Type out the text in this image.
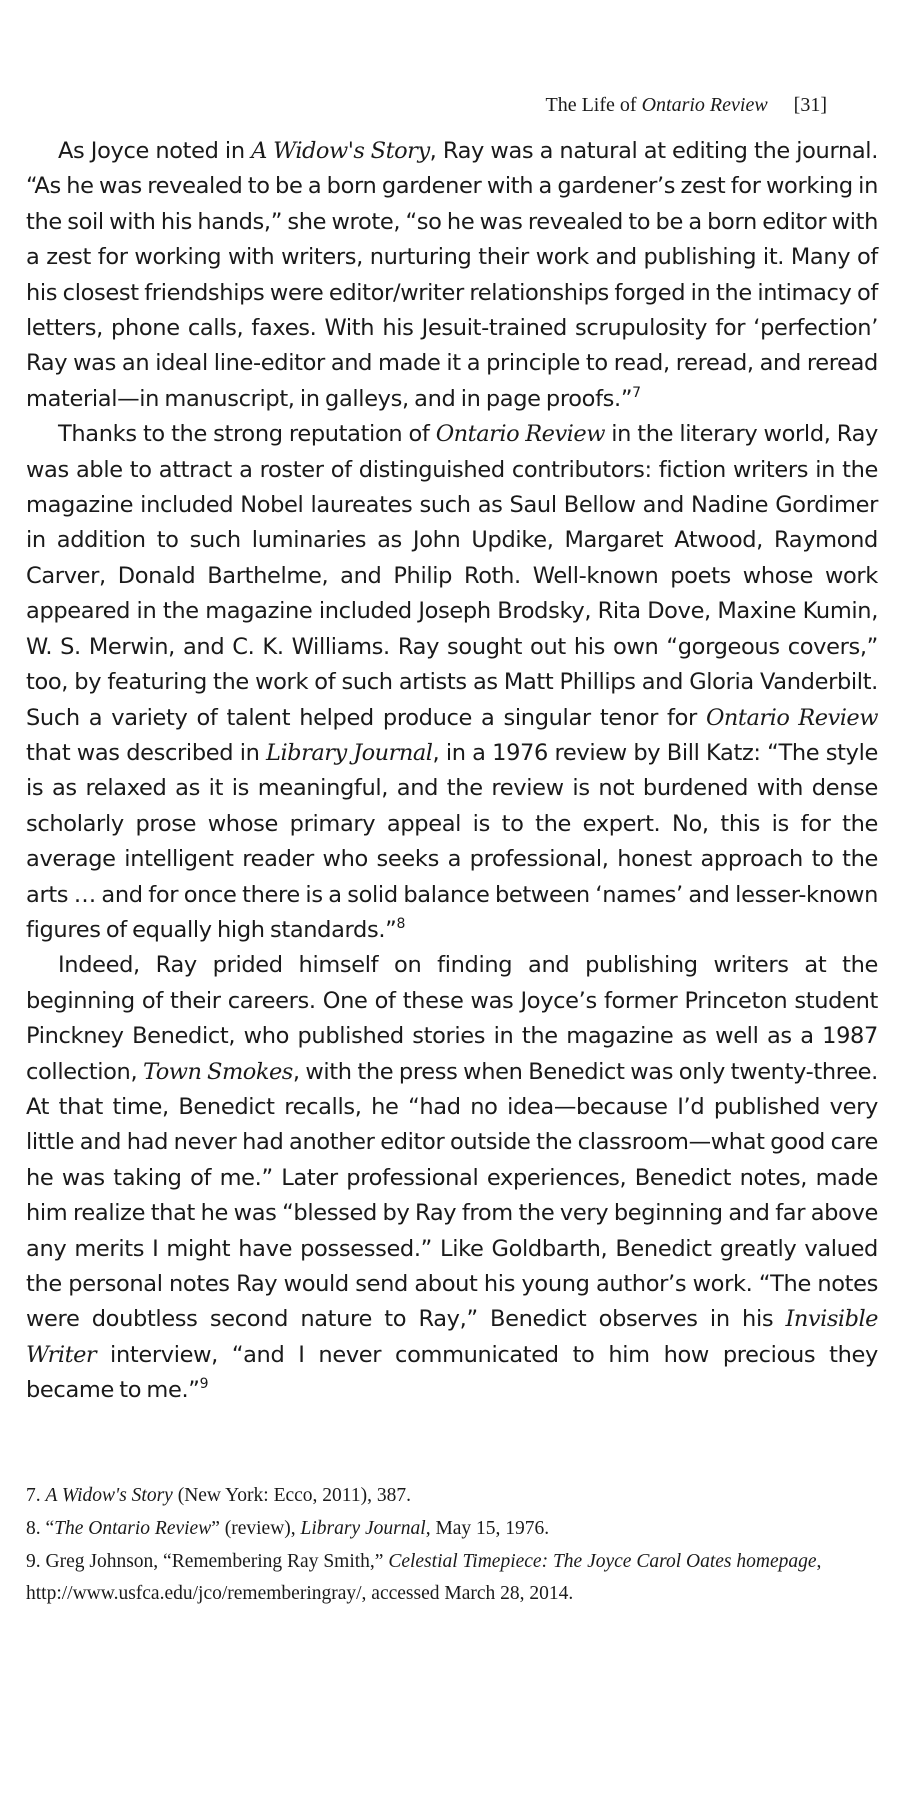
The Life of Ontario Review [31]

As Joyce noted in A Widow's Story, Ray was a natural at editing the journal. “As he was revealed to be a born gardener with a gardener’s zest for working in the soil with his hands,” she wrote, “so he was revealed to be a born editor with a zest for working with writers, nurturing their work and publishing it. Many of his closest friendships were editor/writer relationships forged in the intimacy of letters, phone calls, faxes. With his Jesuit-trained scrupulosity for ‘perfection’ Ray was an ideal line-editor and made it a principle to read, reread, and reread material—in manuscript, in galleys, and in page proofs.”$^7$

Thanks to the strong reputation of Ontario Review in the literary world, Ray was able to attract a roster of distinguished contributors: fiction writers in the magazine included Nobel laureates such as Saul Bellow and Nadine Gordimer in addition to such luminaries as John Updike, Margaret Atwood, Raymond Carver, Donald Barthelme, and Philip Roth. Well-known poets whose work appeared in the magazine included Joseph Brodsky, Rita Dove, Maxine Kumin, W. S. Merwin, and C. K. Williams. Ray sought out his own “gorgeous covers,” too, by featuring the work of such artists as Matt Phillips and Gloria Vanderbilt. Such a variety of talent helped produce a singular tenor for Ontario Review that was described in Library Journal, in a 1976 review by Bill Katz: “The style is as relaxed as it is meaningful, and the review is not burdened with dense scholarly prose whose primary appeal is to the expert. No, this is for the average intelligent reader who seeks a professional, honest approach to the arts … and for once there is a solid balance between ‘names’ and lesser-known figures of equally high standards.”$^8$

Indeed, Ray prided himself on finding and publishing writers at the beginning of their careers. One of these was Joyce’s former Princeton student Pinckney Benedict, who published stories in the magazine as well as a 1987 collection, Town Smokes, with the press when Benedict was only twenty-three. At that time, Benedict recalls, he “had no idea—because I’d published very little and had never had another editor outside the classroom—what good care he was taking of me.” Later professional experiences, Benedict notes, made him realize that he was “blessed by Ray from the very beginning and far above any merits I might have possessed.” Like Goldbarth, Benedict greatly valued the personal notes Ray would send about his young author’s work. “The notes were doubtless second nature to Ray,” Benedict observes in his Invisible Writer interview, “and I never communicated to him how precious they became to me.”$^9$

7. A Widow's Story (New York: Ecco, 2011), 387.

8. “The Ontario Review” (review), Library Journal, May 15, 1976.

9. Greg Johnson, “Remembering Ray Smith,” Celestial Timepiece: The Joyce Carol Oates homepage, http://www.usfca.edu/jco/rememberingray/, accessed March 28, 2014.
